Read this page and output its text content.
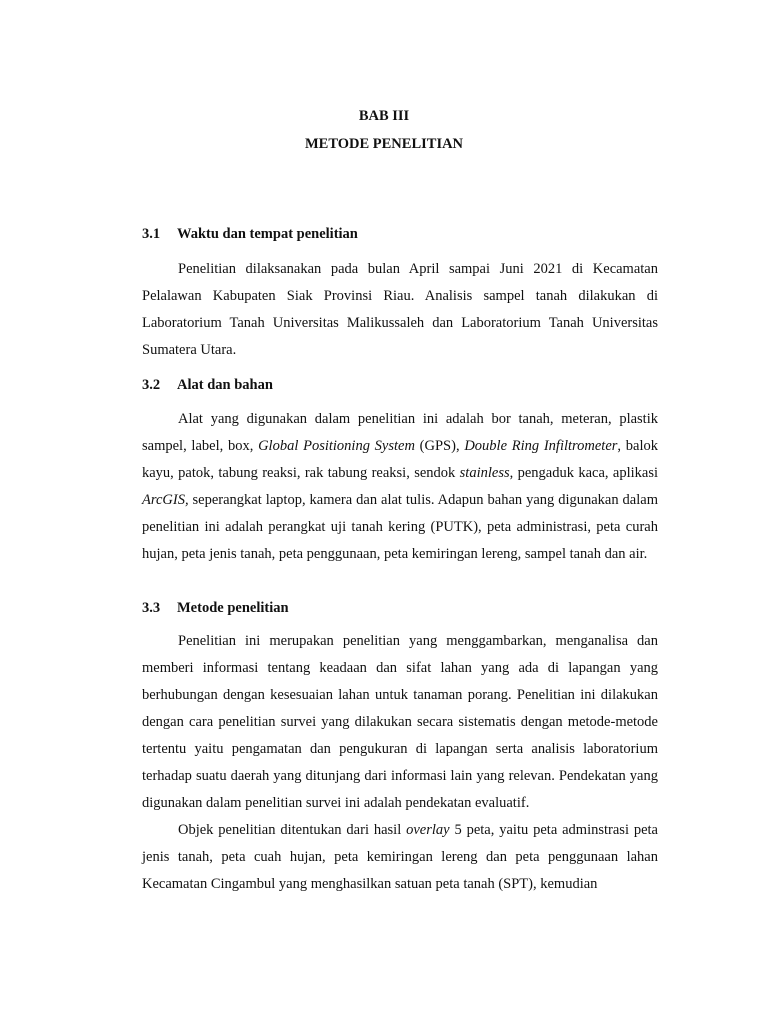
BAB III
METODE PENELITIAN
3.1 Waktu dan tempat penelitian

Penelitian dilaksanakan pada bulan April sampai Juni 2021 di Kecamatan Pelalawan Kabupaten Siak Provinsi Riau. Analisis sampel tanah dilakukan di Laboratorium Tanah Universitas Malikussaleh dan Laboratorium Tanah Universitas Sumatera Utara.

3.2 Alat dan bahan

Alat yang digunakan dalam penelitian ini adalah bor tanah, meteran, plastik sampel, label, box, Global Positioning System (GPS), Double Ring Infiltrometer, balok kayu, patok, tabung reaksi, rak tabung reaksi, sendok stainless, pengaduk kaca, aplikasi ArcGIS, seperangkat laptop, kamera dan alat tulis. Adapun bahan yang digunakan dalam penelitian ini adalah perangkat uji tanah kering (PUTK), peta administrasi, peta curah hujan, peta jenis tanah, peta penggunaan, peta kemiringan lereng, sampel tanah dan air.

3.3 Metode penelitian

Penelitian ini merupakan penelitian yang menggambarkan, menganalisa dan memberi informasi tentang keadaan dan sifat lahan yang ada di lapangan yang berhubungan dengan kesesuaian lahan untuk tanaman porang. Penelitian ini dilakukan dengan cara penelitian survei yang dilakukan secara sistematis dengan metode-metode tertentu yaitu pengamatan dan pengukuran di lapangan serta analisis laboratorium terhadap suatu daerah yang ditunjang dari informasi lain yang relevan. Pendekatan yang digunakan dalam penelitian survei ini adalah pendekatan evaluatif.

Objek penelitian ditentukan dari hasil overlay 5 peta, yaitu peta adminstrasi peta jenis tanah, peta cuah hujan, peta kemiringan lereng dan peta penggunaan lahan Kecamatan Cingambul yang menghasilkan satuan peta tanah (SPT), kemudian
